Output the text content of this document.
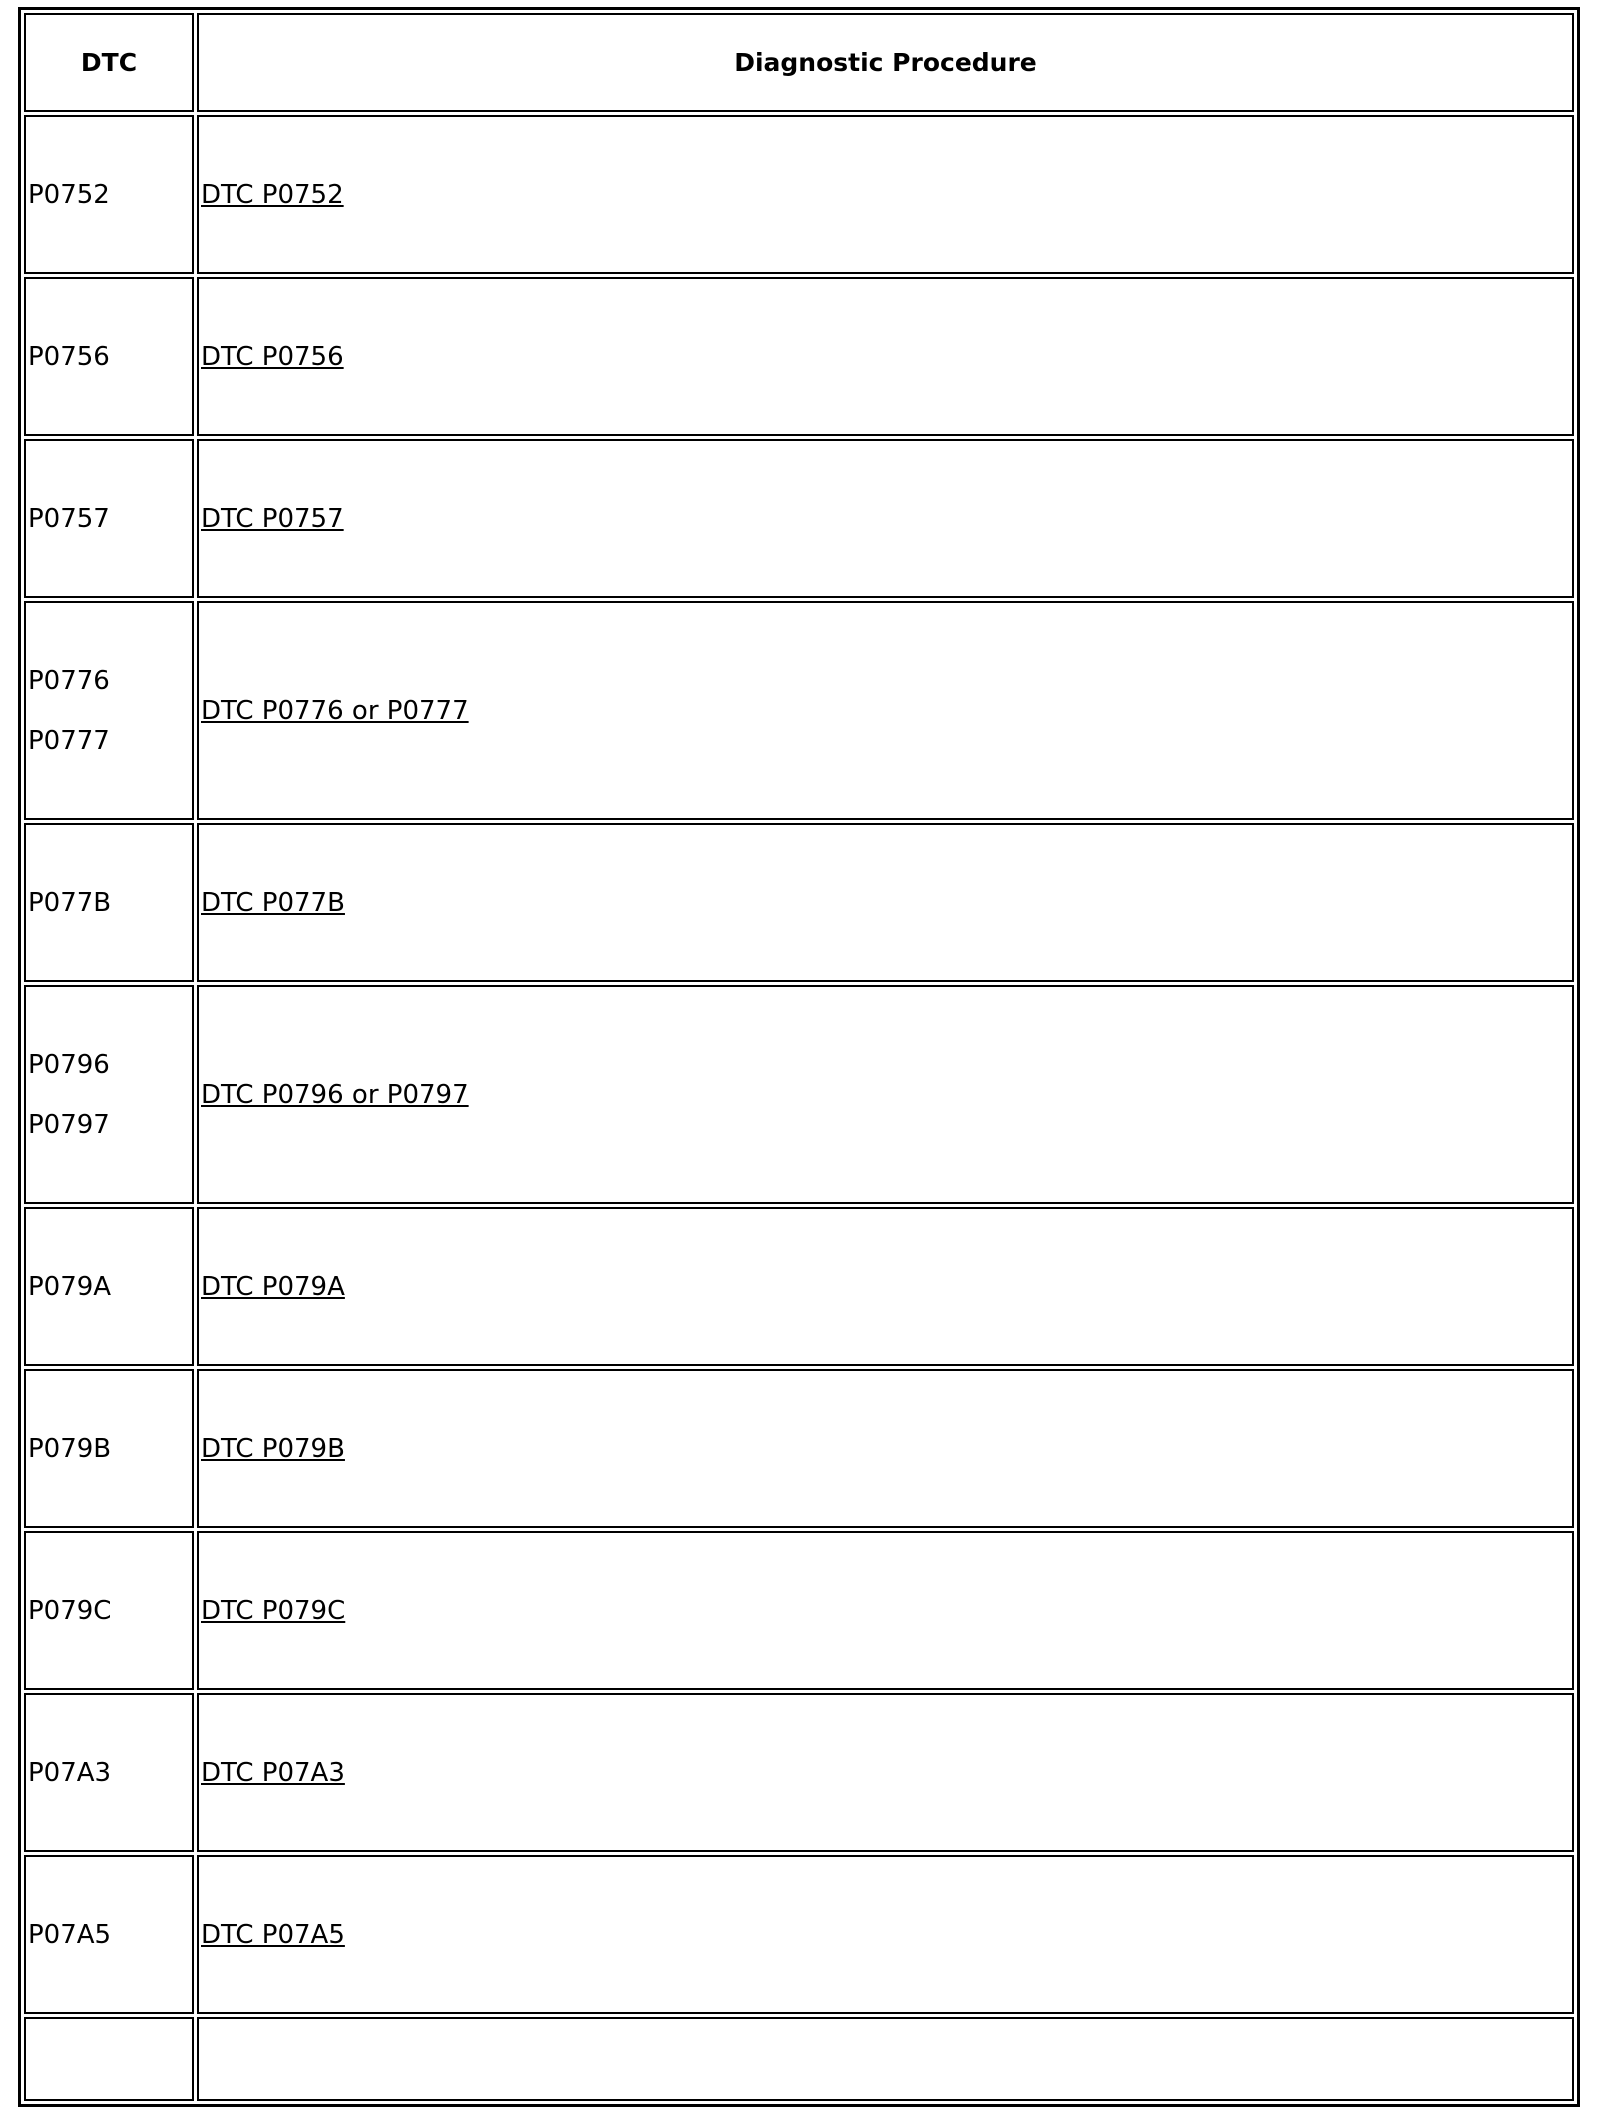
DTC	Diagnostic Procedure

P0752	DTC P0752

P0756	DTC P0756

P0757	DTC P0757

P0776
P0777	DTC P0776 or P0777

P077B	DTC P077B

P0796
P0797	DTC P0796 or P0797

P079A	DTC P079A

P079B	DTC P079B

P079C	DTC P079C

P07A3	DTC P07A3

P07A5	DTC P07A5
